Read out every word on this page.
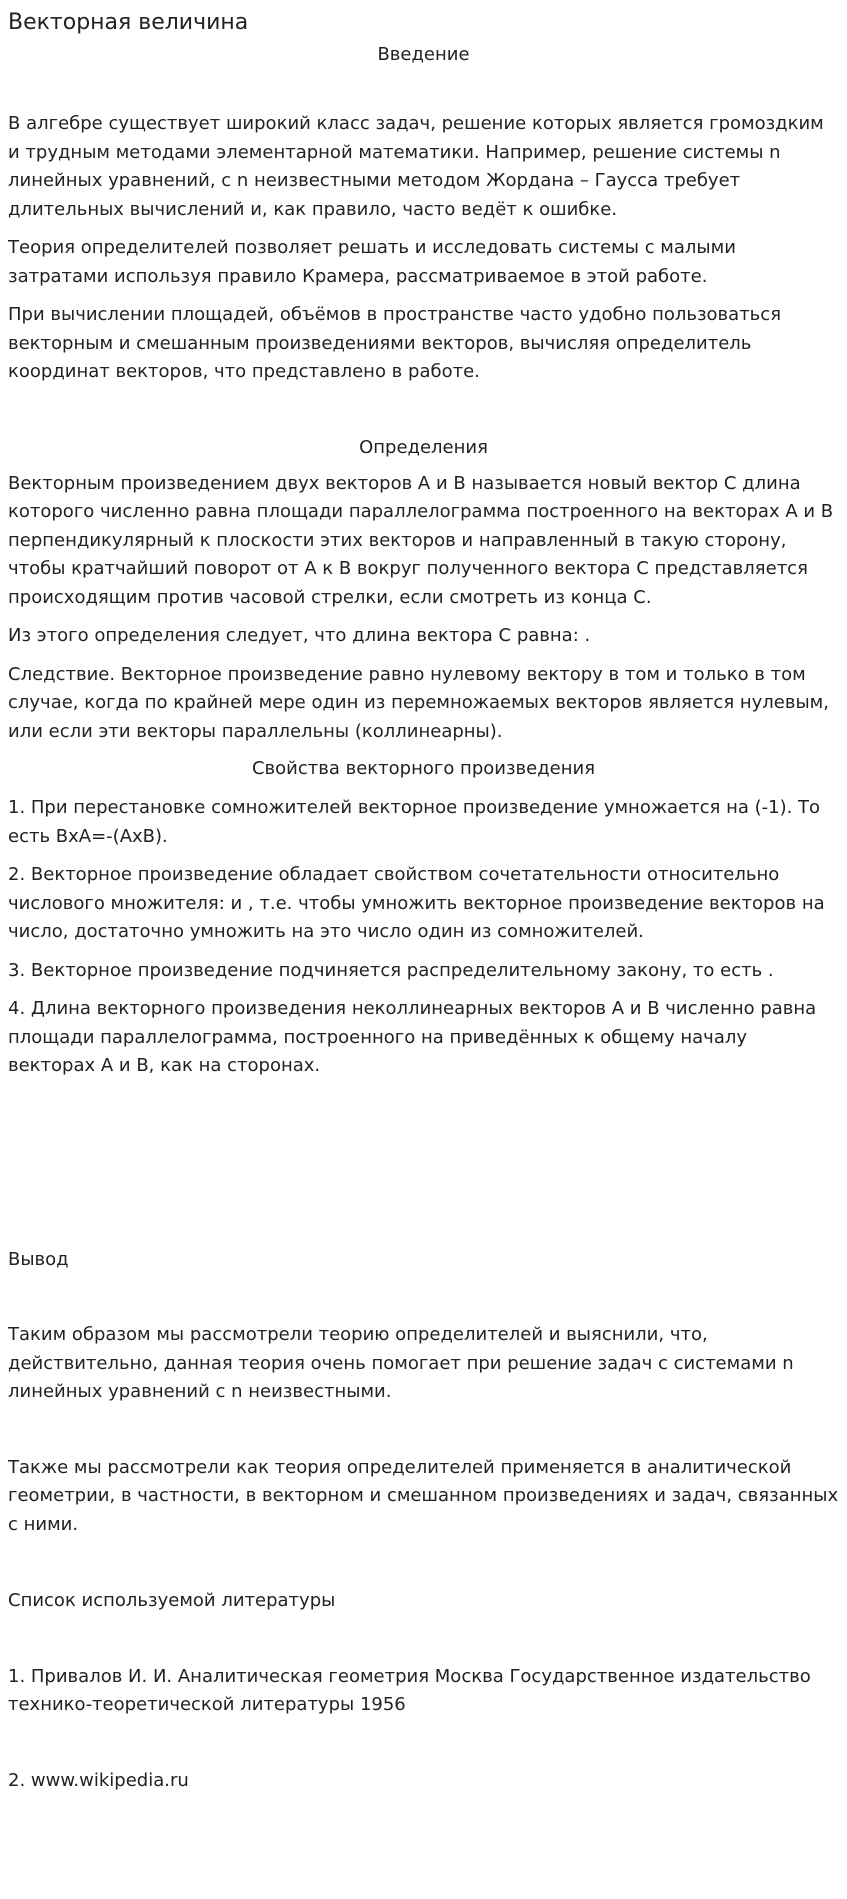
Векторная величина
Введение

В алгебре существует широкий класс задач, решение которых является громоздким и трудным методами элементарной математики. Например, решение системы n линейных уравнений, с n неизвестными методом Жордана – Гаусса требует длительных вычислений и, как правило, часто ведёт к ошибке.

Теория определителей позволяет решать и исследовать системы с малыми затратами используя правило Крамера, рассматриваемое в этой работе.

При вычислении площадей, объёмов в пространстве часто удобно пользоваться векторным и смешанным произведениями векторов, вычисляя определитель координат векторов, что представлено в работе.

Определения

Векторным произведением двух векторов А и В называется новый вектор С длина которого численно равна площади параллелограмма построенного на векторах А и В перпендикулярный к плоскости этих векторов и направленный в такую сторону, чтобы кратчайший поворот от А к В вокруг полученного вектора С представляется происходящим против часовой стрелки, если смотреть из конца С.

Из этого определения следует, что длина вектора С равна: .

Следствие. Векторное произведение равно нулевому вектору в том и только в том случае, когда по крайней мере один из перемножаемых векторов является нулевым, или если эти векторы параллельны (коллинеарны).

Свойства векторного произведения

1. При перестановке сомножителей векторное произведение умножается на (-1). То есть ВхА=-(АхВ).

2. Векторное произведение обладает свойством сочетательности относительно числового множителя: и , т.е. чтобы умножить векторное произведение векторов на число, достаточно умножить на это число один из сомножителей.

3. Векторное произведение подчиняется распределительному закону, то есть .

4. Длина векторного произведения неколлинеарных векторов А и В численно равна площади параллелограмма, построенного на приведённых к общему началу векторах А и В, как на сторонах.

Вывод

Таким образом мы рассмотрели теорию определителей и выяснили, что, действительно, данная теория очень помогает при решение задач с системами n линейных уравнений с n неизвестными.

Также мы рассмотрели как теория определителей применяется в аналитической геометрии, в частности, в векторном и смешанном произведениях и задач, связанных с ними.

Список используемой литературы

1. Привалов И. И. Аналитическая геометрия Москва Государственное издательство технико-теоретической литературы 1956

2. www.wikipedia.ru
